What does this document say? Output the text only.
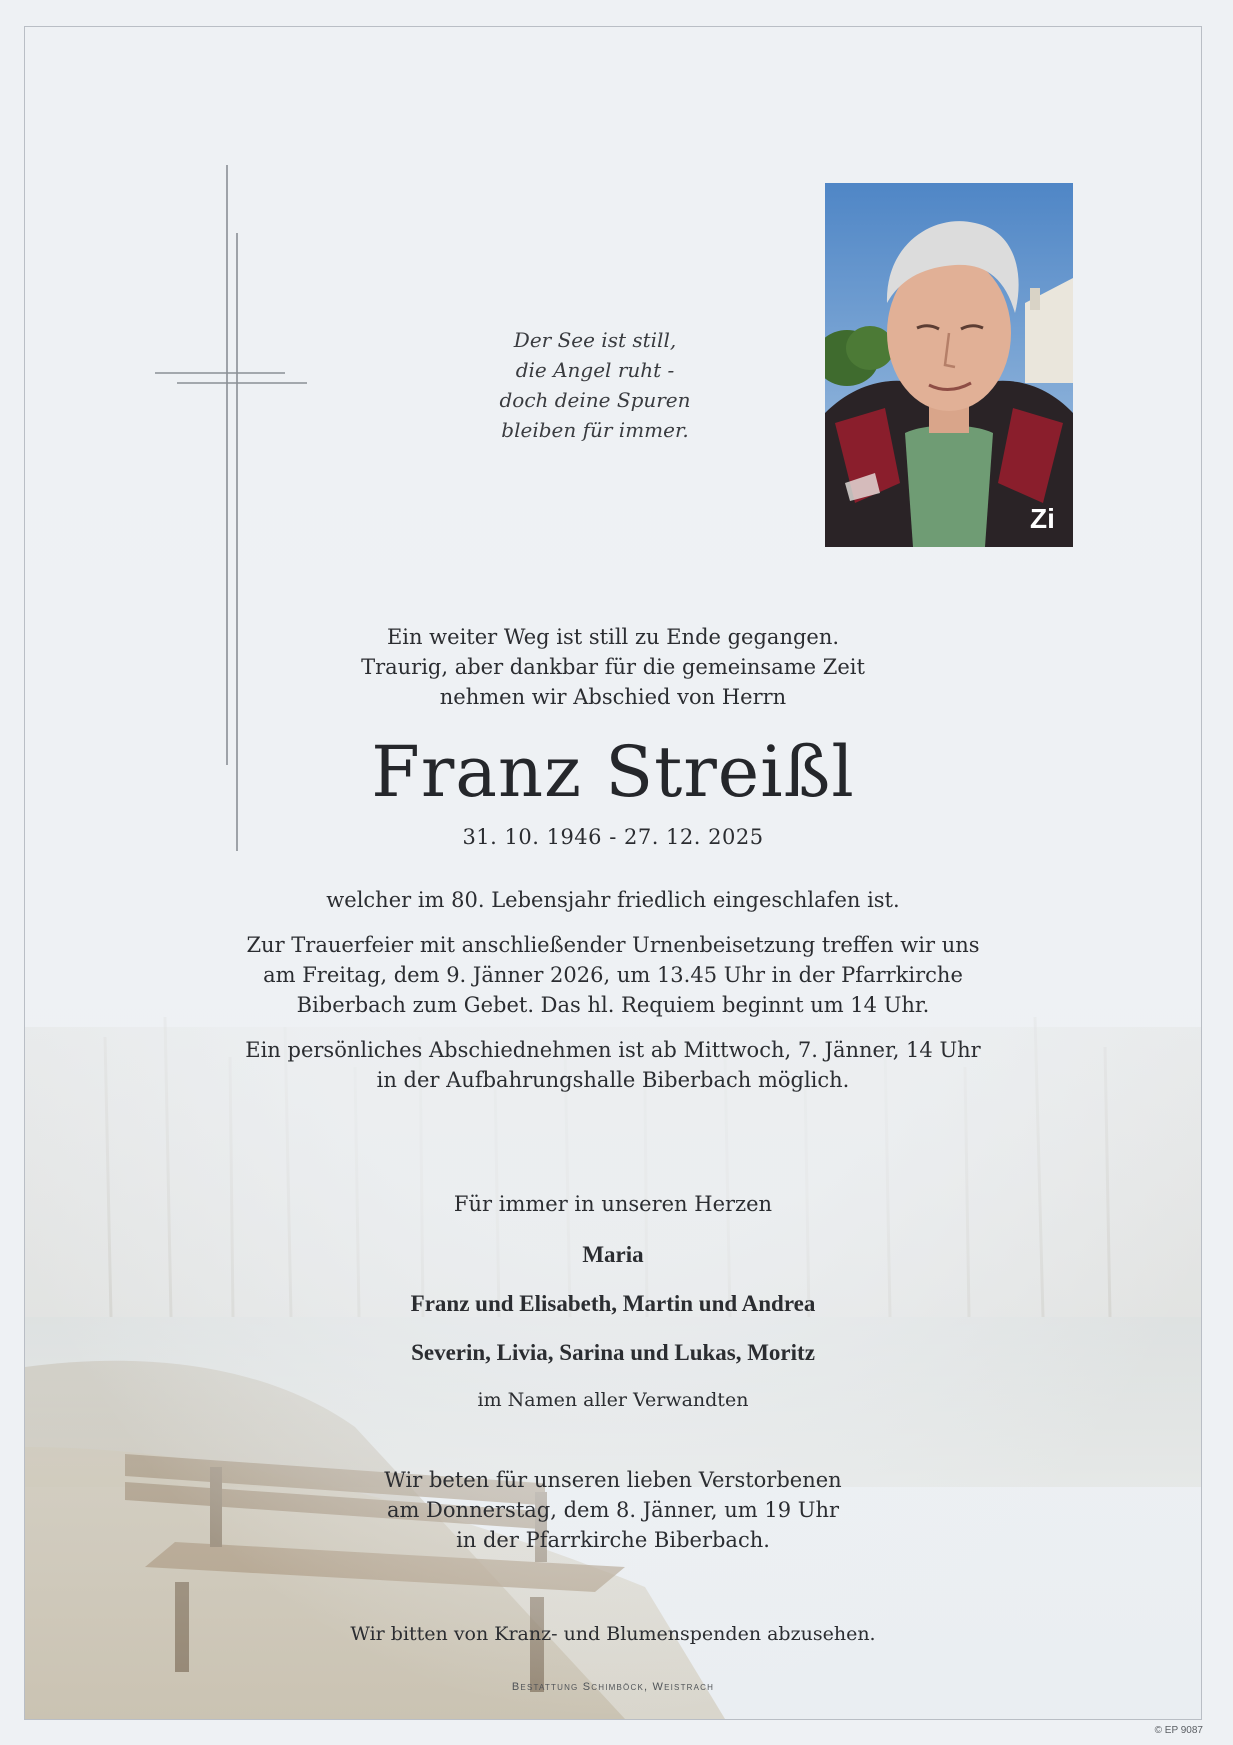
Der See ist still,
die Angel ruht -
doch deine Spuren
bleiben für immer.
Zi
Ein weiter Weg ist still zu Ende gegangen.
Traurig, aber dankbar für die gemeinsame Zeit
nehmen wir Abschied von Herrn
Franz Streißl
31. 10. 1946 - 27. 12. 2025
welcher im 80. Lebensjahr friedlich eingeschlafen ist.
Zur Trauerfeier mit anschließender Urnenbeisetzung treffen wir uns
am Freitag, dem 9. Jänner 2026, um 13.45 Uhr in der Pfarrkirche
Biberbach zum Gebet. Das hl. Requiem beginnt um 14 Uhr.
Ein persönliches Abschiednehmen ist ab Mittwoch, 7. Jänner, 14 Uhr
in der Aufbahrungshalle Biberbach möglich.
Für immer in unseren Herzen
Maria
Franz und Elisabeth, Martin und Andrea
Severin, Livia, Sarina und Lukas, Moritz
im Namen aller Verwandten
Wir beten für unseren lieben Verstorbenen
am Donnerstag, dem 8. Jänner, um 19 Uhr
in der Pfarrkirche Biberbach.
Wir bitten von Kranz- und Blumenspenden abzusehen.
Bestattung Schimböck, Weistrach
© EP 9087
